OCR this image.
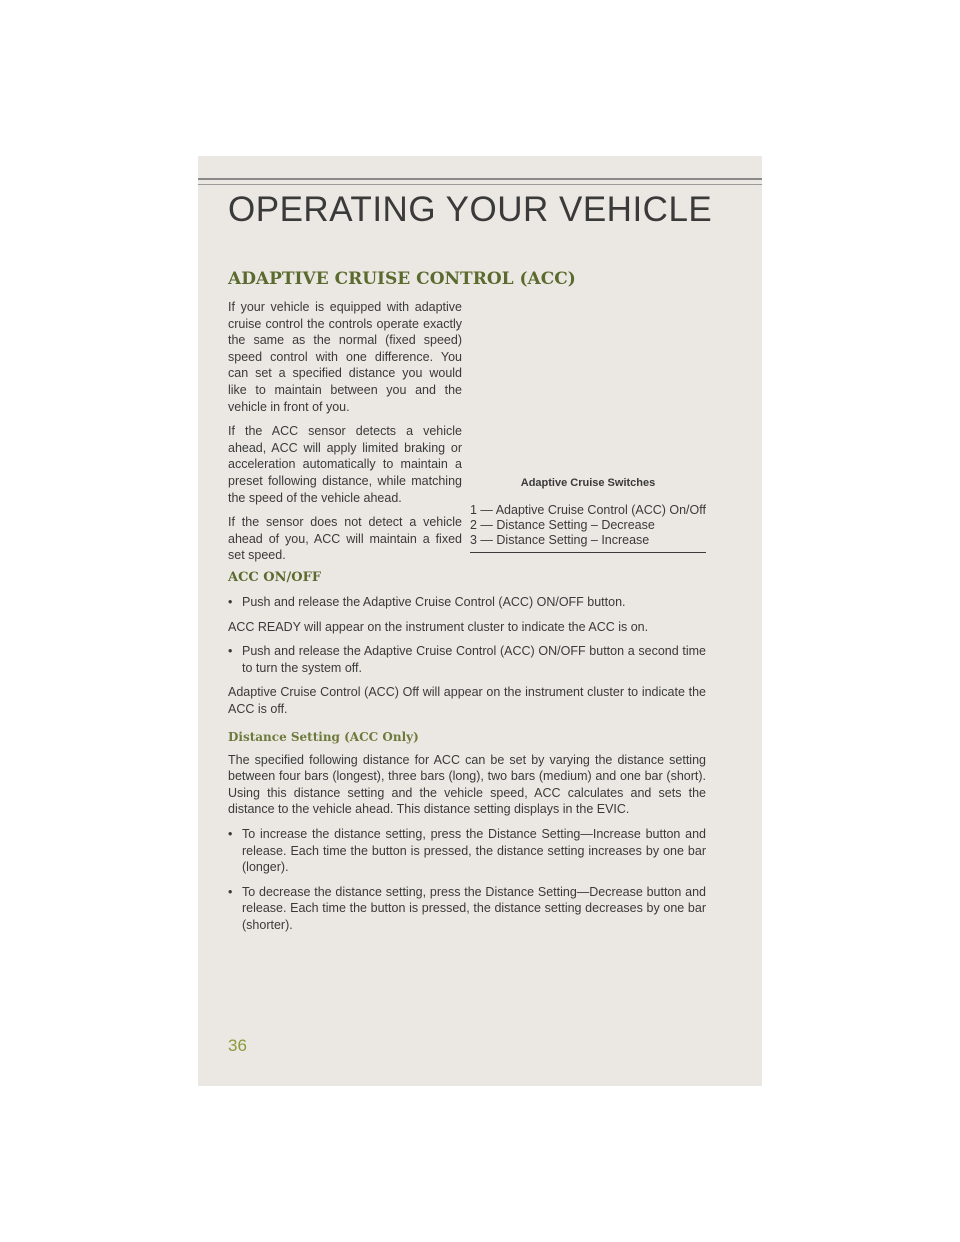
OPERATING YOUR VEHICLE
ADAPTIVE CRUISE CONTROL (ACC)

If your vehicle is equipped with adaptive cruise control the controls operate exactly the same as the normal (fixed speed) speed control with one difference. You can set a specified distance you would like to maintain between you and the vehicle in front of you.

If the ACC sensor detects a vehicle ahead, ACC will apply limited braking or acceleration automatically to maintain a preset following distance, while matching the speed of the vehicle ahead.

If the sensor does not detect a vehicle ahead of you, ACC will maintain a fixed set speed.

Adaptive Cruise Switches
1 — Adaptive Cruise Control (ACC) On/Off
2 — Distance Setting – Decrease
3 — Distance Setting – Increase
ACC ON/OFF
• Push and release the Adaptive Cruise Control (ACC) ON/OFF button.

ACC READY will appear on the instrument cluster to indicate the ACC is on.

• Push and release the Adaptive Cruise Control (ACC) ON/OFF button a second time to turn the system off.

Adaptive Cruise Control (ACC) Off will appear on the instrument cluster to indicate the ACC is off.

Distance Setting (ACC Only)

The specified following distance for ACC can be set by varying the distance setting between four bars (longest), three bars (long), two bars (medium) and one bar (short). Using this distance setting and the vehicle speed, ACC calculates and sets the distance to the vehicle ahead. This distance setting displays in the EVIC.

• To increase the distance setting, press the Distance Setting—Increase button and release. Each time the button is pressed, the distance setting increases by one bar (longer).
• To decrease the distance setting, press the Distance Setting—Decrease button and release. Each time the button is pressed, the distance setting decreases by one bar (shorter).
36
